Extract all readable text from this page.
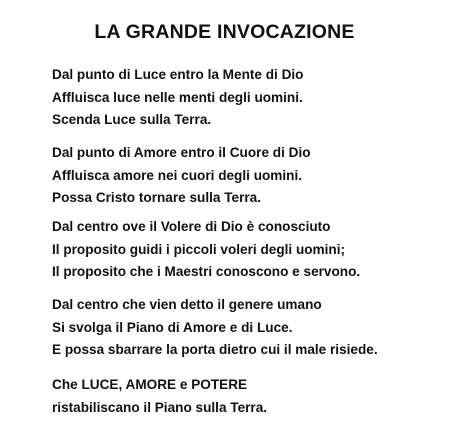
LA GRANDE INVOCAZIONE
Dal punto di Luce entro la Mente di Dio
Affluisca luce nelle menti degli uomini.
Scenda Luce sulla Terra.
Dal punto di Amore entro il Cuore di Dio
Affluisca amore nei cuori degli uomini.
Possa Cristo tornare sulla Terra.
Dal centro ove il Volere di Dio è conosciuto
Il proposito guidi i piccoli voleri degli uomini;
Il proposito che i Maestri conoscono e servono.
Dal centro che vien detto il genere umano
Si svolga il Piano di Amore e di Luce.
E possa sbarrare la porta dietro cui il male risiede.
Che LUCE, AMORE e POTERE
ristabiliscano il Piano sulla Terra.
